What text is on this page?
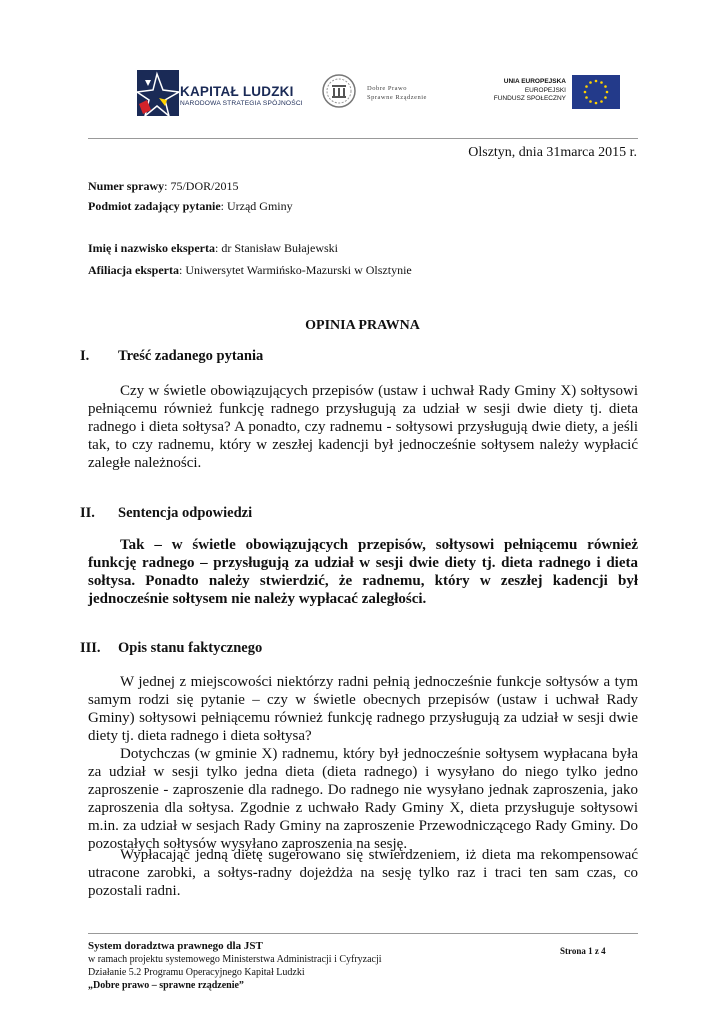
KAPITAŁ LUDZKI
NARODOWA STRATEGIA SPÓJNOŚCI
Dobre Prawo
Sprawne Rządzenie
UNIA EUROPEJSKA
EUROPEJSKI
FUNDUSZ SPOŁECZNY
Olsztyn, dnia 31marca 2015 r.
Numer sprawy: 75/DOR/2015
Podmiot zadający pytanie: Urząd Gminy
Imię i nazwisko eksperta: dr Stanisław Bułajewski
Afiliacja eksperta: Uniwersytet Warmińsko-Mazurski w Olsztynie
OPINIA PRAWNA
I. Treść zadanego pytania
Czy w świetle obowiązujących przepisów (ustaw i uchwał Rady Gminy X) sołtysowi pełniącemu również funkcję radnego przysługują za udział w sesji dwie diety tj. dieta radnego i dieta sołtysa? A ponadto, czy radnemu - sołtysowi przysługują dwie diety, a jeśli tak, to czy radnemu, który w zeszłej kadencji był jednocześnie sołtysem należy wypłacić zaległe należności.
II. Sentencja odpowiedzi
Tak – w świetle obowiązujących przepisów, sołtysowi pełniącemu również funkcję radnego – przysługują za udział w sesji dwie diety tj. dieta radnego i dieta sołtysa. Ponadto należy stwierdzić, że radnemu, który w zeszłej kadencji był jednocześnie sołtysem nie należy wypłacać zaległości.
III. Opis stanu faktycznego
W jednej z miejscowości niektórzy radni pełnią jednocześnie funkcje sołtysów a tym samym rodzi się pytanie – czy w świetle obecnych przepisów (ustaw i uchwał Rady Gminy) sołtysowi pełniącemu również funkcję radnego przysługują za udział w sesji dwie diety tj. dieta radnego i dieta sołtysa?
Dotychczas (w gminie X) radnemu, który był jednocześnie sołtysem wypłacana była za udział w sesji tylko jedna dieta (dieta radnego) i wysyłano do niego tylko jedno zaproszenie - zaproszenie dla radnego. Do radnego nie wysyłano jednak zaproszenia, jako zaproszenia dla sołtysa. Zgodnie z uchwało Rady Gminy X, dieta przysługuje sołtysowi m.in. za udział w sesjach Rady Gminy na zaproszenie Przewodniczącego Rady Gminy. Do pozostałych sołtysów wysyłano zaproszenia na sesję.
Wypłacając jedną dietę sugerowano się stwierdzeniem, iż dieta ma rekompensować utracone zarobki, a sołtys-radny dojeżdża na sesję tylko raz i traci ten sam czas, co pozostali radni.
System doradztwa prawnego dla JST
w ramach projektu systemowego Ministerstwa Administracji i Cyfryzacji
Działanie 5.2 Programu Operacyjnego Kapitał Ludzki
„Dobre prawo – sprawne rządzenie”
Strona 1 z 4
